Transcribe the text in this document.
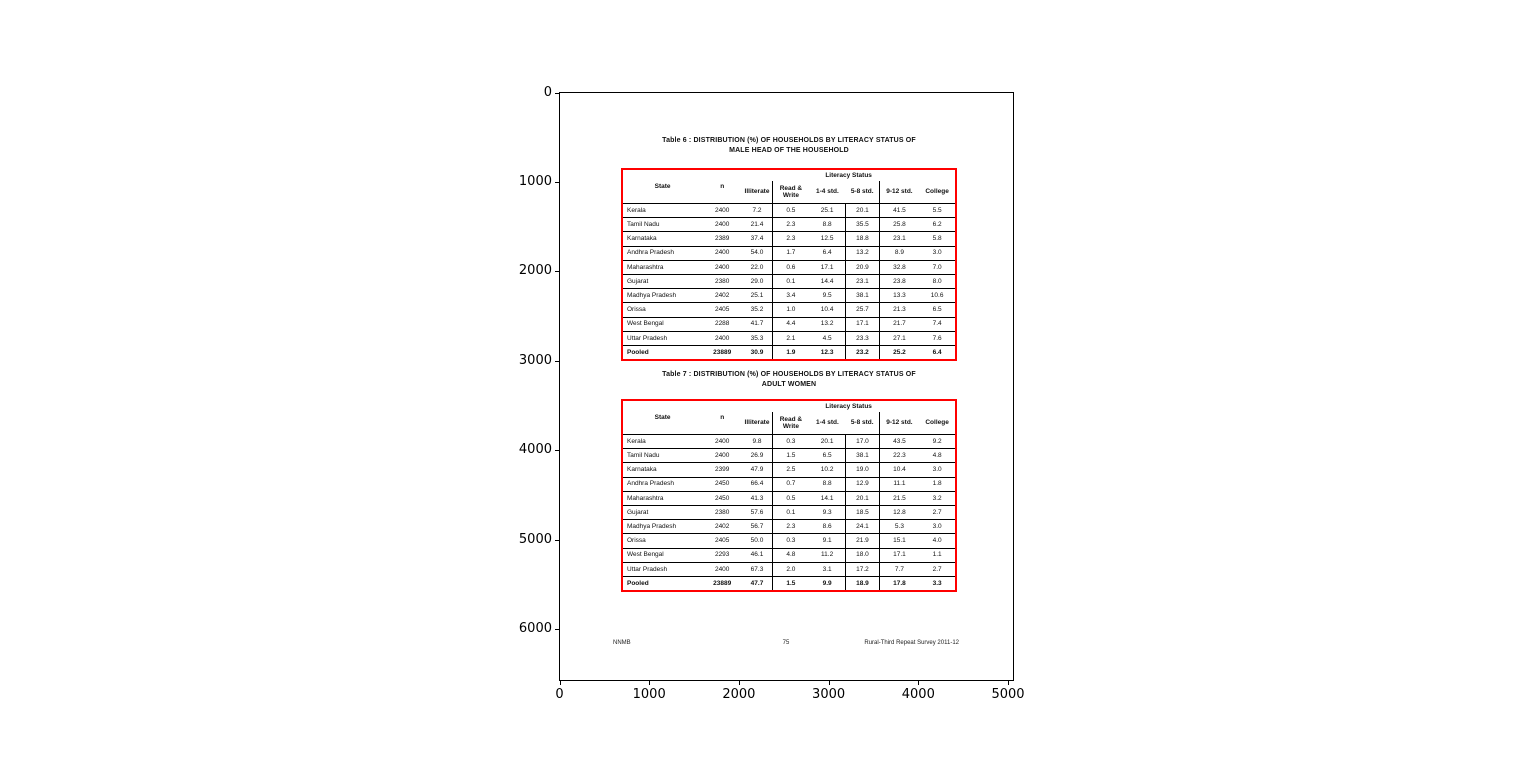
Table 6 : DISTRIBUTION (%) OF HOUSEHOLDS BY LITERACY STATUS OF
MALE HEAD OF THE HOUSEHOLD
State	n	Literacy Status					
		Illiterate	Read & Write	1-4 std.	5-8 std.	9-12 std.	College
Kerala	2400	7.2	0.5	25.1	20.1	41.5	5.5
Tamil Nadu	2400	21.4	2.3	8.8	35.5	25.8	6.2
Karnataka	2389	37.4	2.3	12.5	18.8	23.1	5.8
Andhra Pradesh	2400	54.0	1.7	6.4	13.2	8.9	3.0
Maharashtra	2400	22.0	0.6	17.1	20.9	32.8	7.0
Gujarat	2380	29.0	0.1	14.4	23.1	23.8	8.0
Madhya Pradesh	2402	25.1	3.4	9.5	38.1	13.3	10.6
Orissa	2405	35.2	1.0	10.4	25.7	21.3	6.5
West Bengal	2288	41.7	4.4	13.2	17.1	21.7	7.4
Uttar Pradesh	2400	35.3	2.1	4.5	23.3	27.1	7.6
Pooled	23889	30.9	1.9	12.3	23.2	25.2	6.4
Table 7 : DISTRIBUTION (%) OF HOUSEHOLDS BY LITERACY STATUS OF
ADULT WOMEN
State	n	Literacy Status					
		Illiterate	Read & Write	1-4 std.	5-8 std.	9-12 std.	College
Kerala	2400	9.8	0.3	20.1	17.0	43.5	9.2
Tamil Nadu	2400	26.9	1.5	6.5	38.1	22.3	4.8
Karnataka	2399	47.9	2.5	10.2	19.0	10.4	3.0
Andhra Pradesh	2450	66.4	0.7	8.8	12.9	11.1	1.8
Maharashtra	2450	41.3	0.5	14.1	20.1	21.5	3.2
Gujarat	2380	57.6	0.1	9.3	18.5	12.8	2.7
Madhya Pradesh	2402	56.7	2.3	8.6	24.1	5.3	3.0
Orissa	2405	50.0	0.3	9.1	21.9	15.1	4.0
West Bengal	2293	46.1	4.8	11.2	18.0	17.1	1.1
Uttar Pradesh	2400	67.3	2.0	3.1	17.2	7.7	2.7
Pooled	23889	47.7	1.5	9.9	18.9	17.8	3.3
NNMB	75	Rural-Third Repeat Survey 2011-12
0	1000	2000	3000	4000	5000
0
1000
2000
3000
4000
5000
6000
